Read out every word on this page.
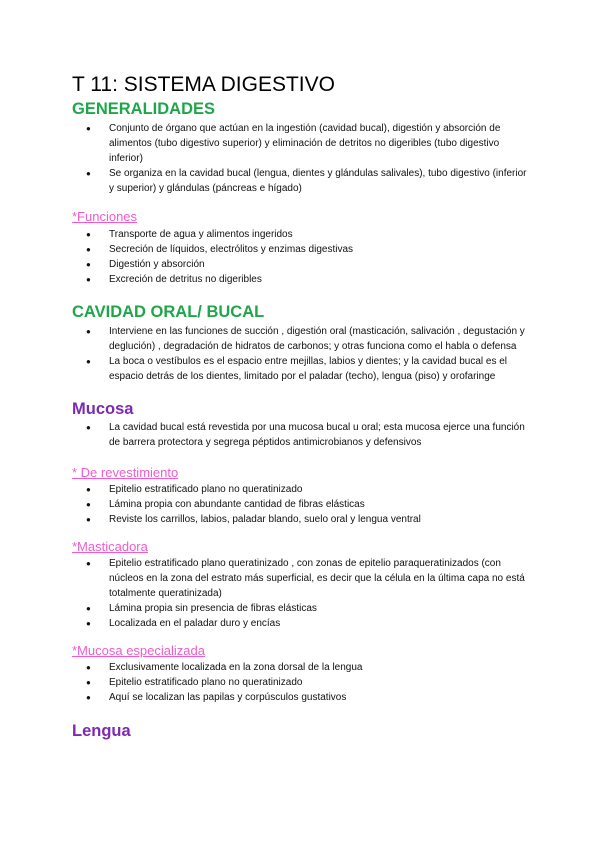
T 11: SISTEMA DIGESTIVO
GENERALIDADES
● Conjunto de órgano que actúan en la ingestión (cavidad bucal), digestión y absorción de alimentos (tubo digestivo superior) y eliminación de detritos no digeribles (tubo digestivo inferior)
● Se organiza en la cavidad bucal (lengua, dientes y glándulas salivales), tubo digestivo (inferior y superior) y glándulas (páncreas e hígado)
*Funciones
● Transporte de agua y alimentos ingeridos
● Secreción de líquidos, electrólitos y enzimas digestivas
● Digestión y absorción
● Excreción de detritus no digeribles
CAVIDAD ORAL/ BUCAL
● Interviene en las funciones de succión , digestión oral (masticación, salivación , degustación y deglución) , degradación de hidratos de carbonos; y otras funciona como el habla o defensa
● La boca o vestíbulos es el espacio entre mejillas, labios y dientes; y la cavidad bucal es el espacio detrás de los dientes, limitado por el paladar (techo), lengua (piso) y orofaringe
Mucosa
● La cavidad bucal está revestida por una mucosa bucal u oral; esta mucosa ejerce una función de barrera protectora y segrega péptidos antimicrobianos y defensivos
* De revestimiento
● Epitelio estratificado plano no queratinizado
● Lámina propia con abundante cantidad de fibras elásticas
● Reviste los carrillos, labios, paladar blando, suelo oral y lengua ventral
*Masticadora
● Epitelio estratificado plano queratinizado , con zonas de epitelio paraqueratinizados (con núcleos en la zona del estrato más superficial, es decir que la célula en la última capa no está totalmente queratinizada)
● Lámina propia sin presencia de fibras elásticas
● Localizada en el paladar duro y encías
*Mucosa especializada
● Exclusivamente localizada en la zona dorsal de la lengua
● Epitelio estratificado plano no queratinizado
● Aquí se localizan las papilas y corpúsculos gustativos
Lengua
